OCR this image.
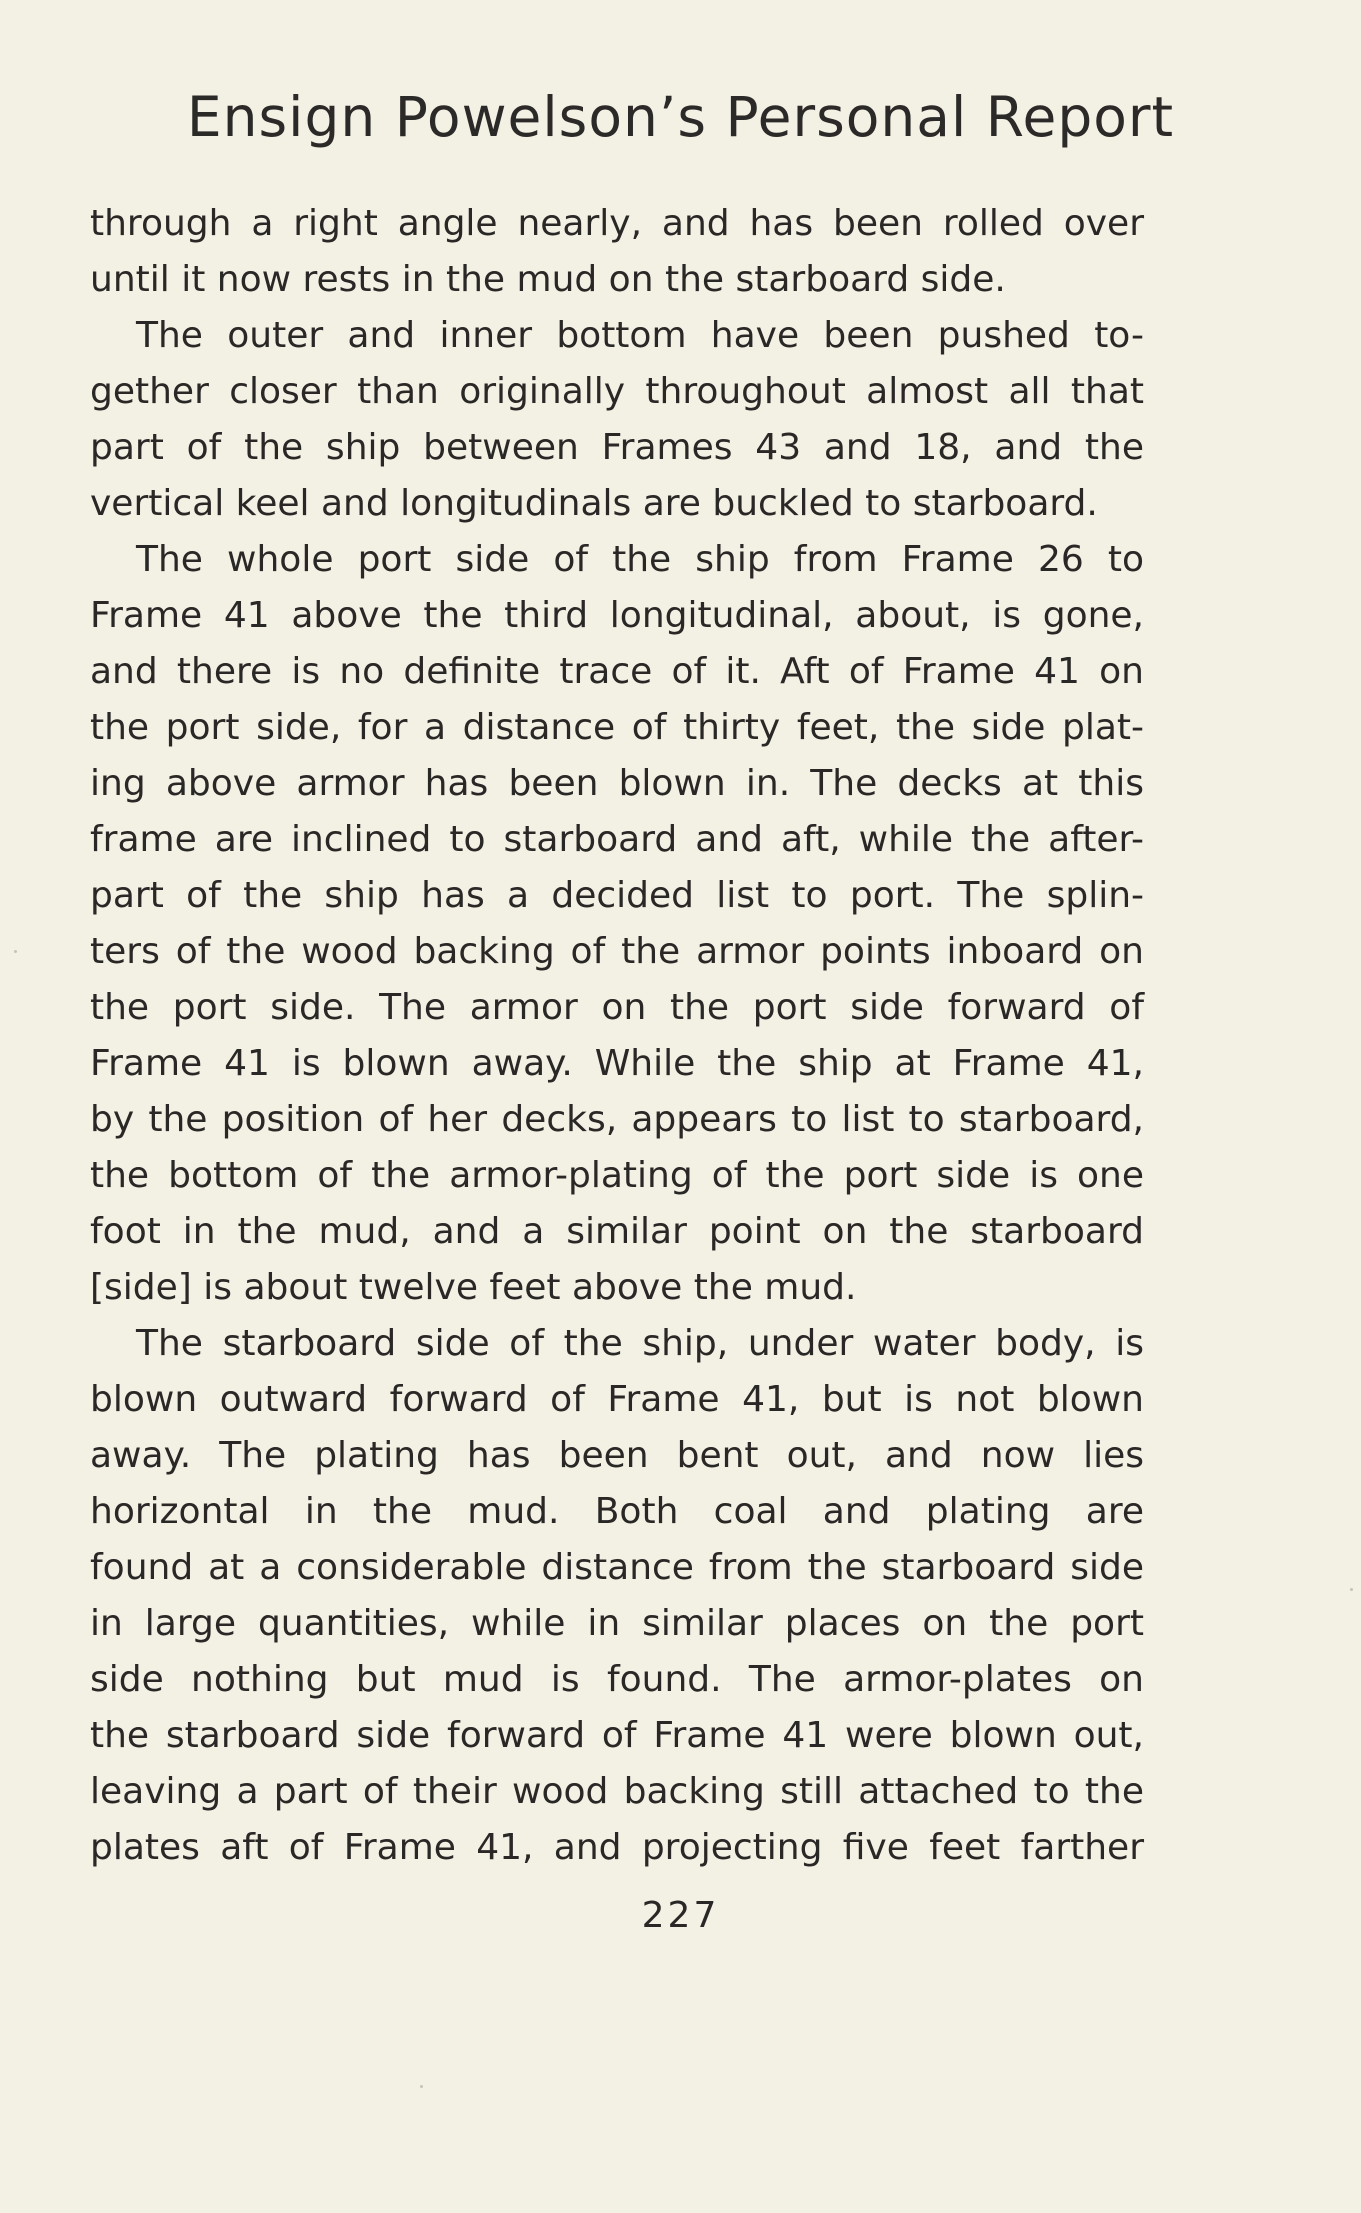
Ensign Powelson’s Personal Report
through a right angle nearly, and has been rolled over
until it now rests in the mud on the starboard side.
The outer and inner bottom have been pushed to-
gether closer than originally throughout almost all that
part of the ship between Frames 43 and 18, and the
vertical keel and longitudinals are buckled to starboard.
The whole port side of the ship from Frame 26 to
Frame 41 above the third longitudinal, about, is gone,
and there is no definite trace of it. Aft of Frame 41 on
the port side, for a distance of thirty feet, the side plat-
ing above armor has been blown in. The decks at this
frame are inclined to starboard and aft, while the after-
part of the ship has a decided list to port. The splin-
ters of the wood backing of the armor points inboard on
the port side. The armor on the port side forward of
Frame 41 is blown away. While the ship at Frame 41,
by the position of her decks, appears to list to starboard,
the bottom of the armor-plating of the port side is one
foot in the mud, and a similar point on the starboard
[side] is about twelve feet above the mud.
The starboard side of the ship, under water body, is
blown outward forward of Frame 41, but is not blown
away. The plating has been bent out, and now lies
horizontal in the mud. Both coal and plating are
found at a considerable distance from the starboard side
in large quantities, while in similar places on the port
side nothing but mud is found. The armor-plates on
the starboard side forward of Frame 41 were blown out,
leaving a part of their wood backing still attached to the
plates aft of Frame 41, and projecting five feet farther
227
